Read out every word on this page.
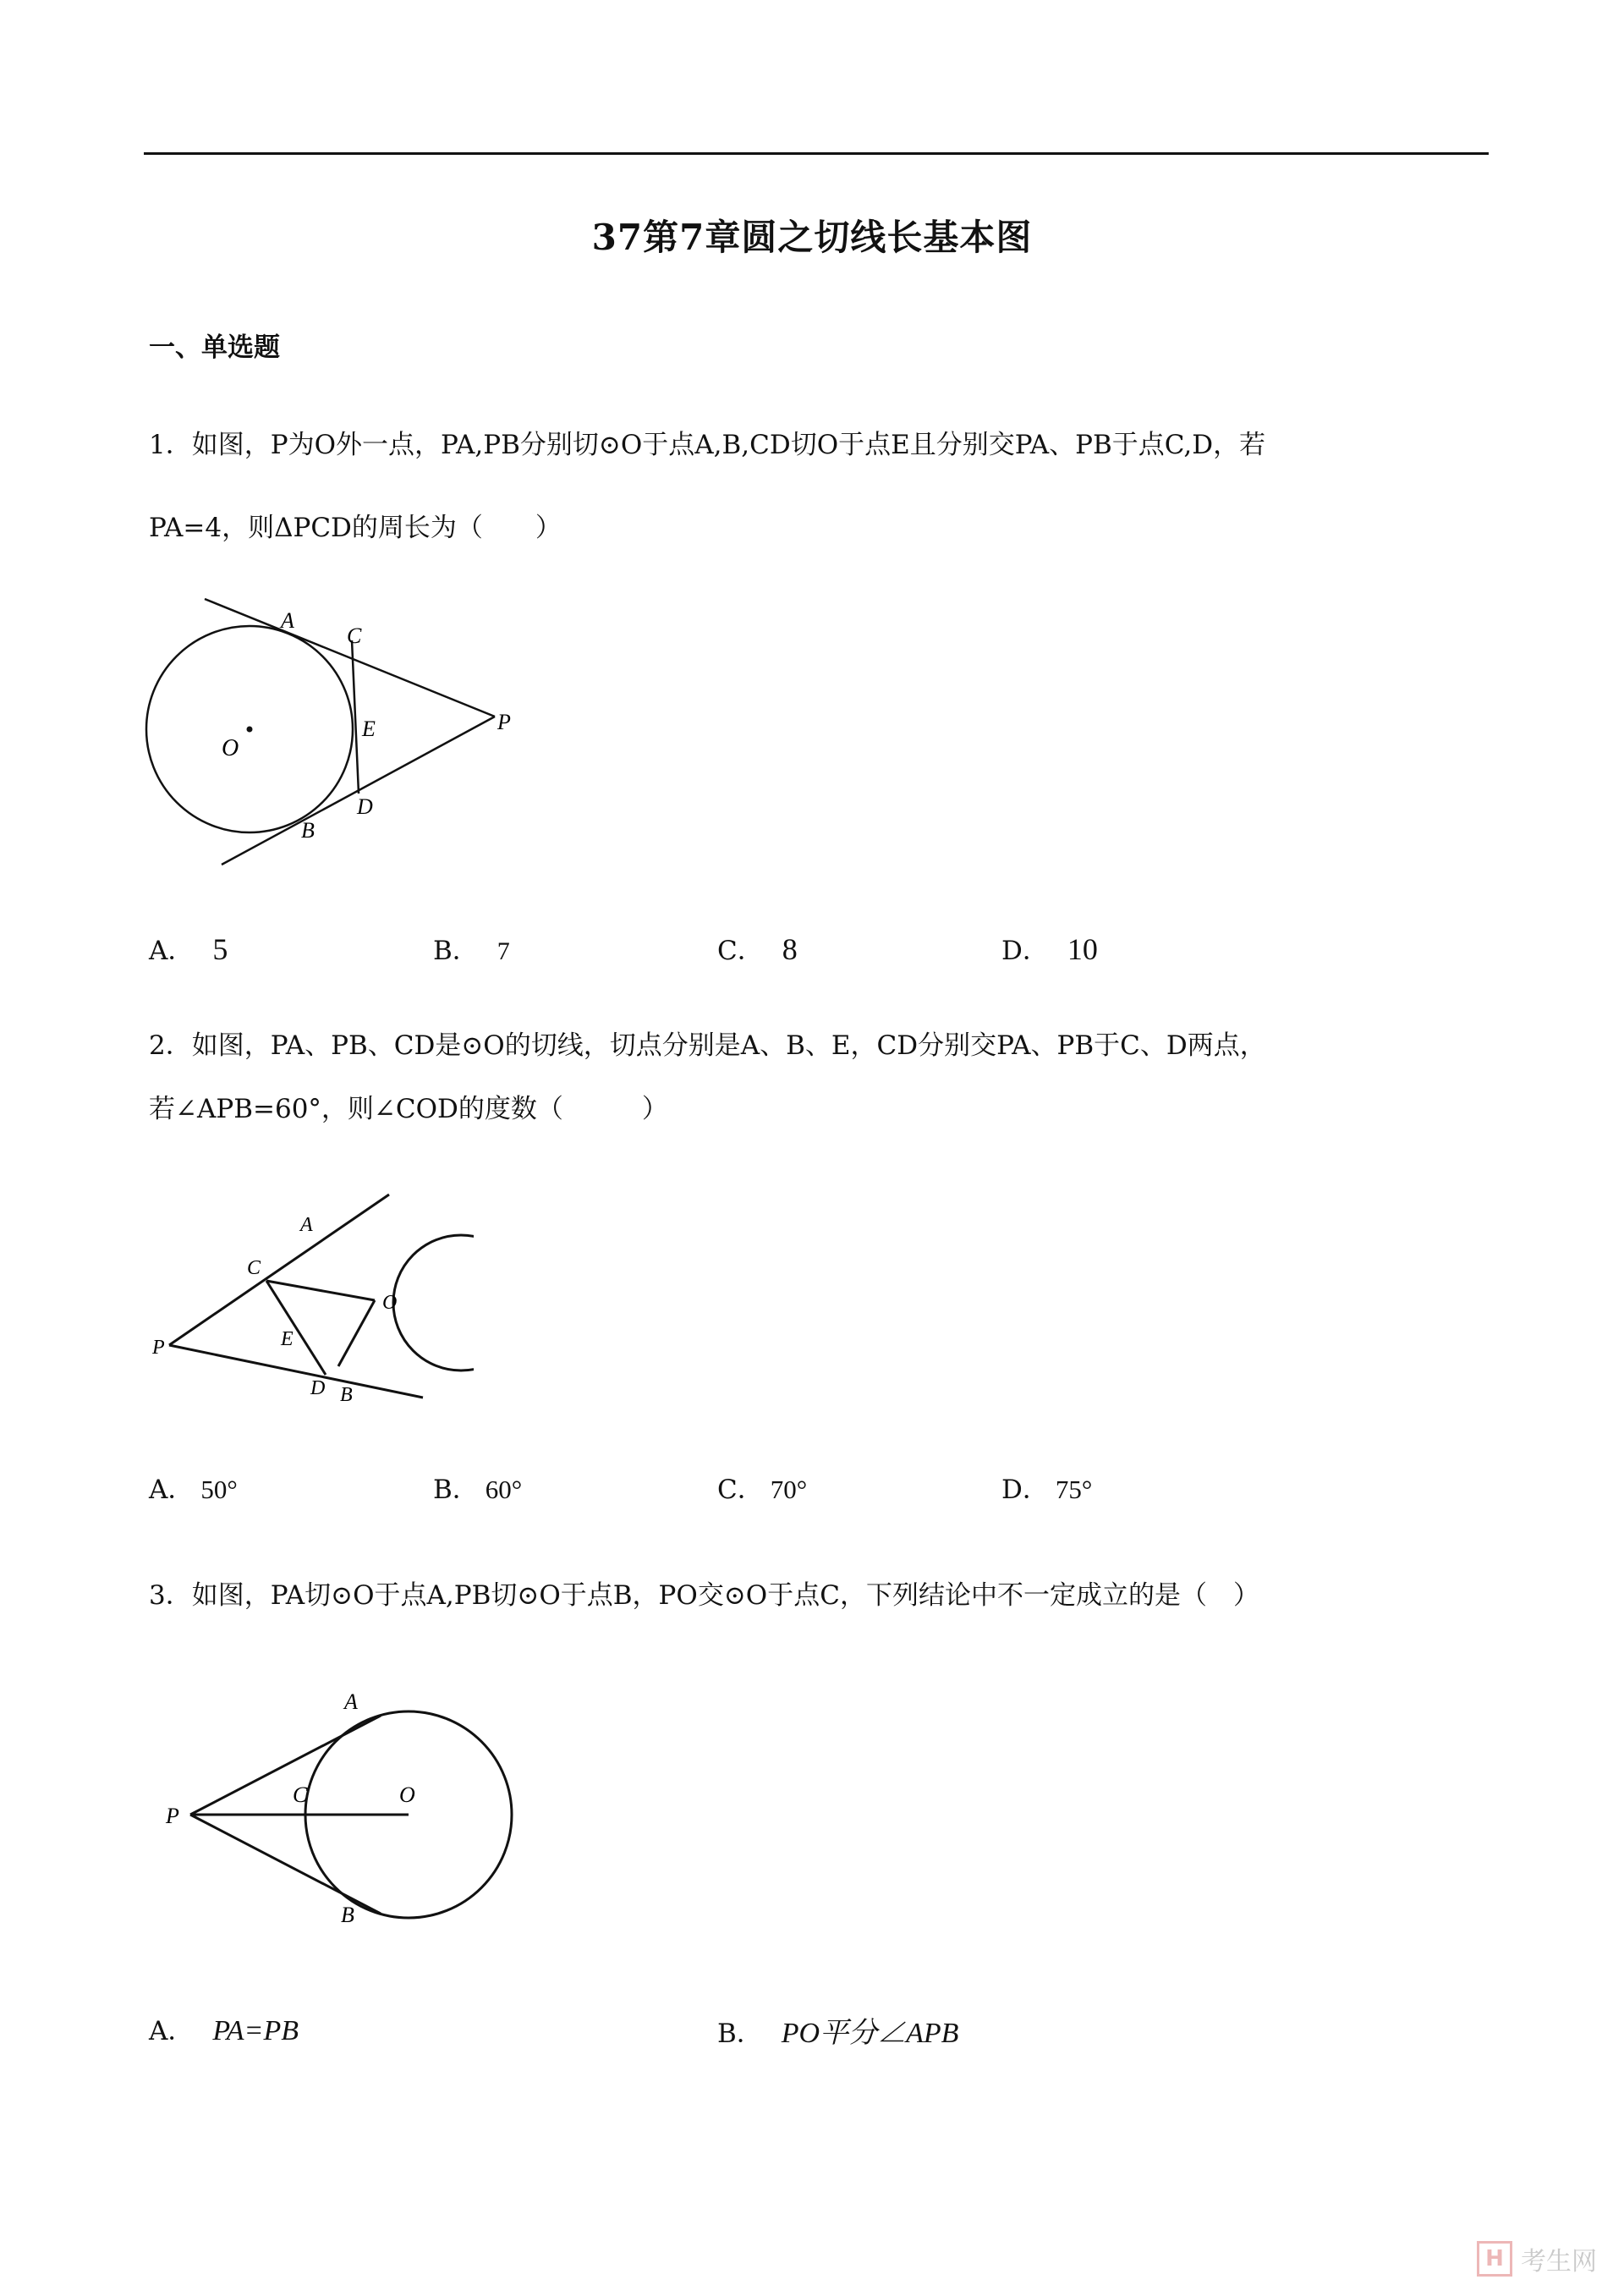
37第7章圆之切线长基本图
一、单选题
1．如图，P为O外一点，PA,PB分别切⊙O于点A,B,CD切O于点E且分别交PA、PB于点C,D，若
PA=4，则ΔPCD的周长为（　　）
A
C
E	P
O
D
B
A． 5	B． 7	C． 8	D． 10
2．如图，PA、PB、CD是⊙O的切线，切点分别是A、B、E，CD分别交PA、PB于C、D两点，
若∠APB=60°，则∠COD的度数（　　　）
A
C
O
P	E
D B
A． 50°	B． 60°	C． 70°	D． 75°
3．如图，PA切⊙O于点A,PB切⊙O于点B，PO交⊙O于点C，下列结论中不一定成立的是（　）
A
C	O
P
B
A． PA=PB	B． PO平分∠APB
H 考生网
